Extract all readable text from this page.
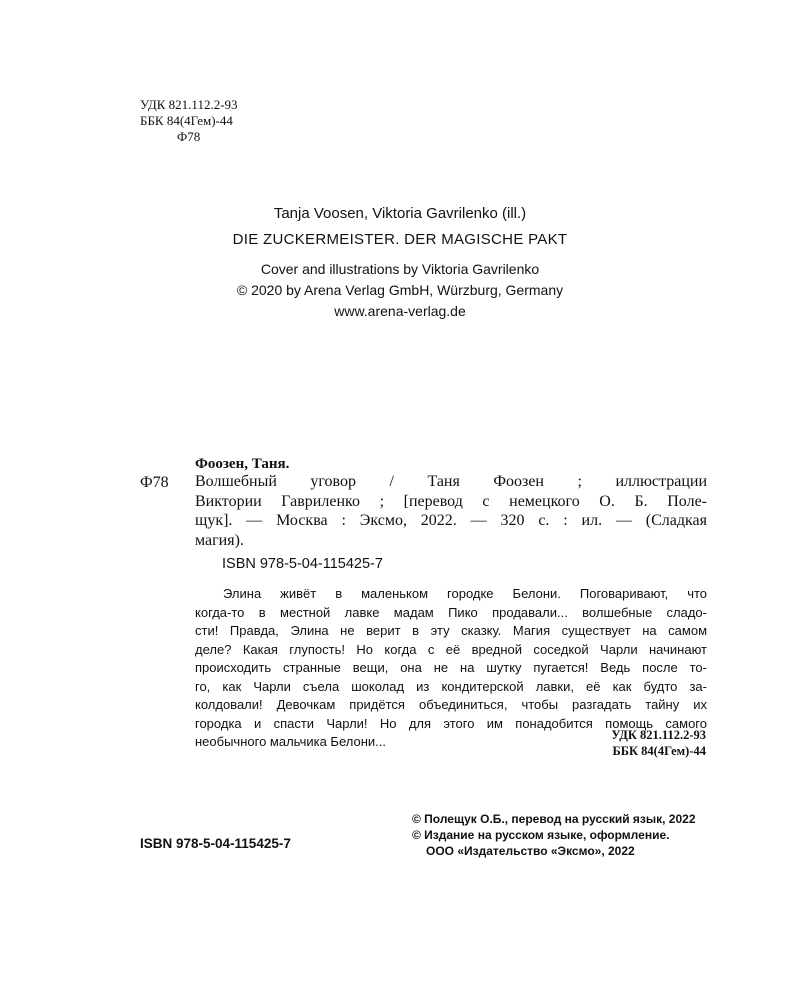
УДК 821.112.2-93
ББК 84(4Гем)-44
Ф78
Tanja Voosen, Viktoria Gavrilenko (ill.)
DIE ZUCKERMEISTER. DER MAGISCHE PAKT
Cover and illustrations by Viktoria Gavrilenko
© 2020 by Arena Verlag GmbH, Würzburg, Germany
www.arena-verlag.de
Фоозен, Таня.
Ф78 Волшебный уговор / Таня Фоозен ; иллюстрации
Виктории Гавриленко ; [перевод с немецкого О. Б. Поле-
щук]. — Москва : Эксмо, 2022. — 320 с. : ил. — (Сладкая
магия).
ISBN 978-5-04-115425-7
Элина живёт в маленьком городке Белони. Поговаривают, что
когда-то в местной лавке мадам Пико продавали... волшебные сладо-
сти! Правда, Элина не верит в эту сказку. Магия существует на самом
деле? Какая глупость! Но когда с её вредной соседкой Чарли начинают
происходить странные вещи, она не на шутку пугается! Ведь после то-
го, как Чарли съела шоколад из кондитерской лавки, её как будто за-
колдовали! Девочкам придётся объединиться, чтобы разгадать тайну их
городка и спасти Чарли! Но для этого им понадобится помощь самого
необычного мальчика Белони...	УДК 821.112.2-93
ББК 84(4Гем)-44
© Полещук О.Б., перевод на русский язык, 2022
© Издание на русском языке, оформление.
ООО «Издательство «Эксмо», 2022
ISBN 978-5-04-115425-7
